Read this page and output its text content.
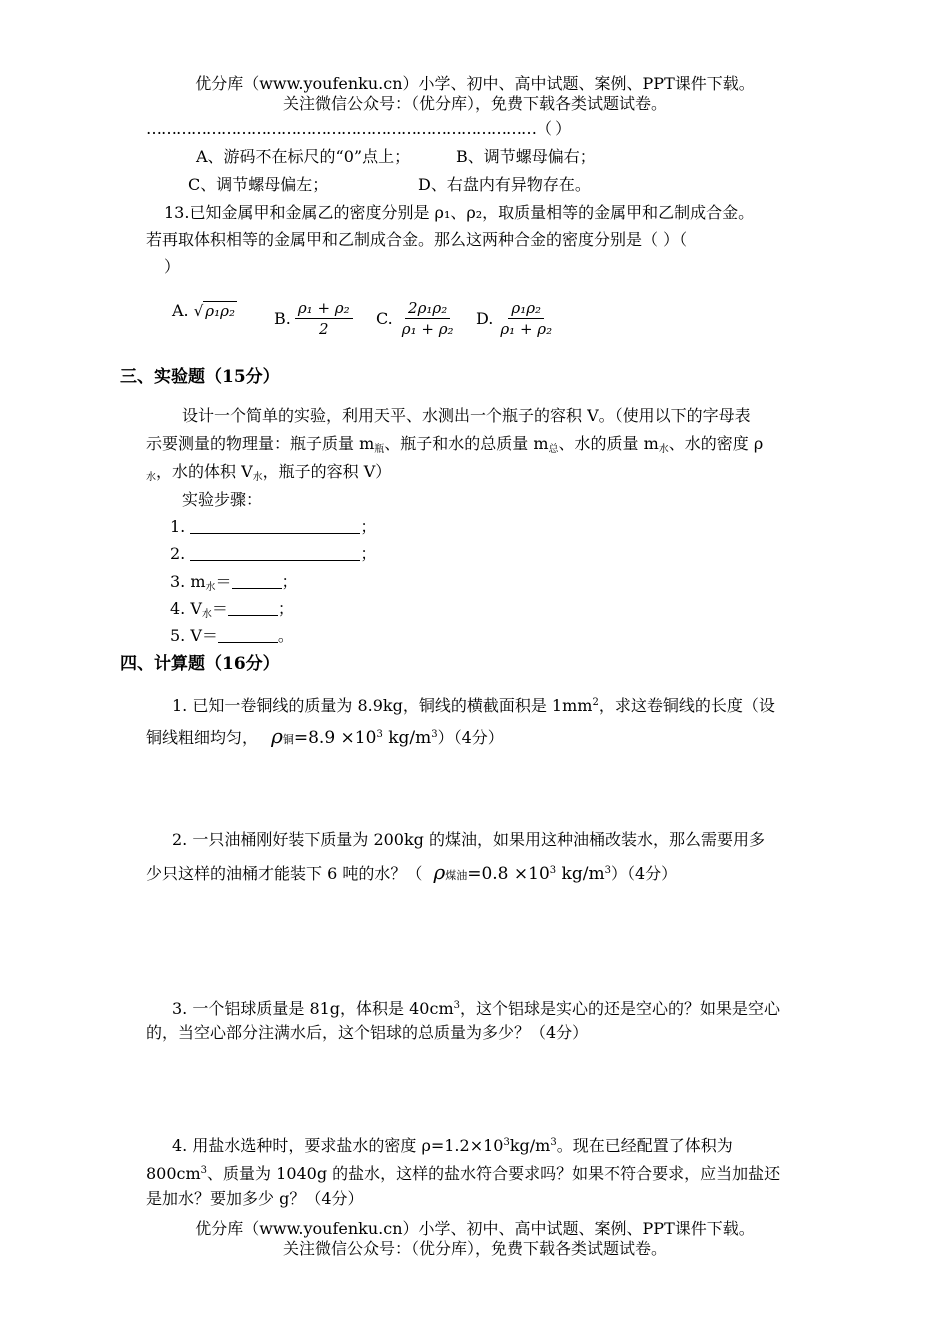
优分库（www.youfenku.cn）小学、初中、高中试题、案例、PPT课件下载。
关注微信公众号：（优分库），免费下载各类试题试卷。
……………………………………………………………………（ ）
A、游码不在标尺的“0”点上；	B、调节螺母偏右；
C、调节螺母偏左；	D、右盘内有异物存在。
13.已知金属甲和金属乙的密度分别是 ρ₁、ρ₂，取质量相等的金属甲和乙制成合金。
若再取体积相等的金属甲和乙制成合金。那么这两种合金的密度分别是（ ）（
）
A. √ ρ₁ρ₂ B. $\frac{\text{ρ₁ + ρ₂}}{2} C$. $\frac{\text{2ρ₁ρ₂}}{\text{ρ₁ + ρ₂}} D$. $\frac{\text{ρ₁ρ₂}}{\text{ρ₁ + ρ₂}}$
三、实验题（15分）
设计一个简单的实验，利用天平、水测出一个瓶子的容积 V。（使用以下的字母表
示要测量的物理量：瓶子质量 $m_瓶$、瓶子和水的总质量 $m_总$、水的质量 $m_水$、水的密度 ρ
$_水$，水的体积 $V_水$，瓶子的容积 V）
实验步骤：
1.	；
2.	；
3. $m_水=$	；
4. $V_水=$	；
5. V＝	。
四、计算题（16分）
1. 已知一卷铜线的质量为 8.9kg，铜线的横截面积是 $1mm^2$，求这卷铜线的长度（设
铜线粗细均匀， ρ铜$=8.9 \times 10^3$ $kg/m^3)(4$分）
2. 一只油桶刚好装下质量为 200kg 的煤油，如果用这种油桶改装水，那么需要用多
少只这样的油桶才能装下 6 吨的水？（ ρ煤油$=0.8 \times 10^3$ $kg/m^3)(4$分）
3. 一个铝球质量是 81g，体积是 $40cm^3$，这个铝球是实心的还是空心的？如果是空心
的，当空心部分注满水后，这个铝球的总质量为多少？（4分）
4. 用盐水选种时，要求盐水的密度 $\rho=1.2\times 10^3kg/m^3$。现在已经配置了体积为
$800cm^3$、质量为 1040g 的盐水，这样的盐水符合要求吗？如果不符合要求，应当加盐还
是加水？要加多少 g？（4分）
优分库（www.youfenku.cn）小学、初中、高中试题、案例、PPT课件下载。
关注微信公众号：（优分库），免费下载各类试题试卷。
